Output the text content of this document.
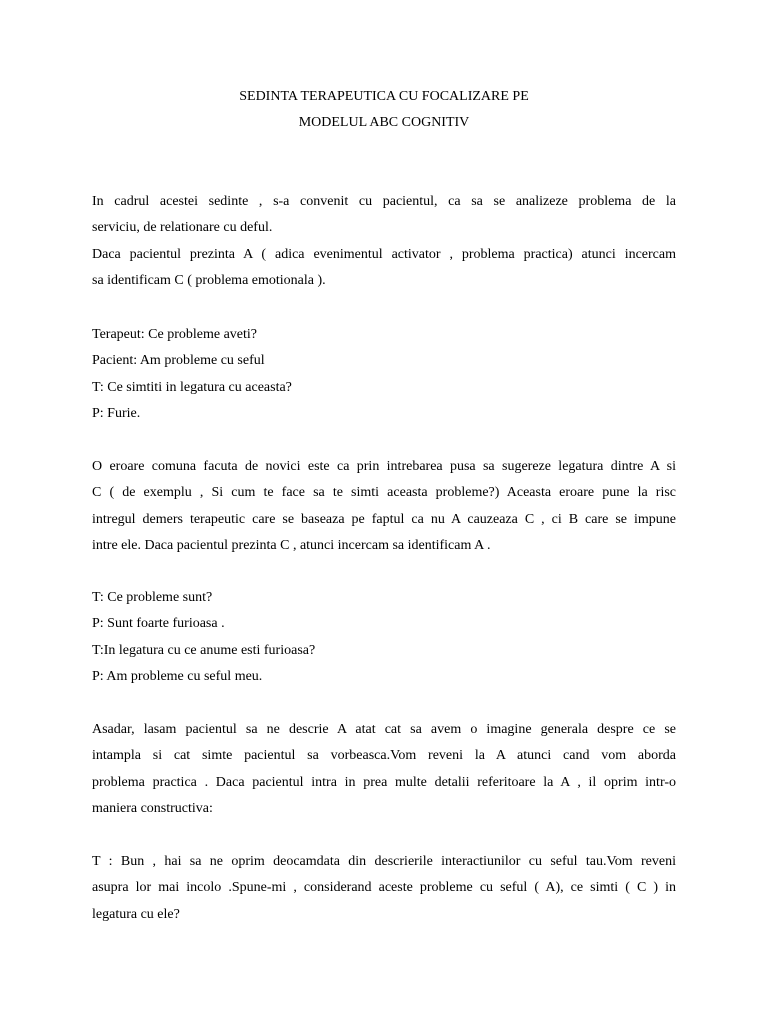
SEDINTA TERAPEUTICA CU FOCALIZARE PE
MODELUL ABC COGNITIV
In cadrul acestei sedinte , s-a convenit cu pacientul, ca sa se analizeze problema de la
serviciu, de relationare cu deful.
Daca pacientul prezinta A ( adica evenimentul activator , problema practica) atunci incercam
sa identificam C ( problema emotionala ).
Terapeut: Ce probleme aveti?
Pacient: Am probleme cu seful
T: Ce simtiti in legatura cu aceasta?
P: Furie.
O eroare comuna facuta de novici este ca prin intrebarea pusa sa sugereze legatura dintre A si
C ( de exemplu , Si cum te face sa te simti aceasta probleme?) Aceasta eroare pune la risc
intregul demers terapeutic care se baseaza pe faptul ca nu A cauzeaza C , ci B care se impune
intre ele. Daca pacientul prezinta C , atunci incercam sa identificam A .
T: Ce probleme sunt?
P: Sunt foarte furioasa .
T:In legatura cu ce anume esti furioasa?
P: Am probleme cu seful meu.
Asadar, lasam pacientul sa ne descrie A atat cat sa avem o imagine generala despre ce se
intampla si cat simte pacientul sa vorbeasca.Vom reveni la A atunci cand vom aborda
problema practica . Daca pacientul intra in prea multe detalii referitoare la A , il oprim intr-o
maniera constructiva:
T : Bun , hai sa ne oprim deocamdata din descrierile interactiunilor cu seful tau.Vom reveni
asupra lor mai incolo .Spune-mi , considerand aceste probleme cu seful ( A), ce simti ( C ) in
legatura cu ele?
